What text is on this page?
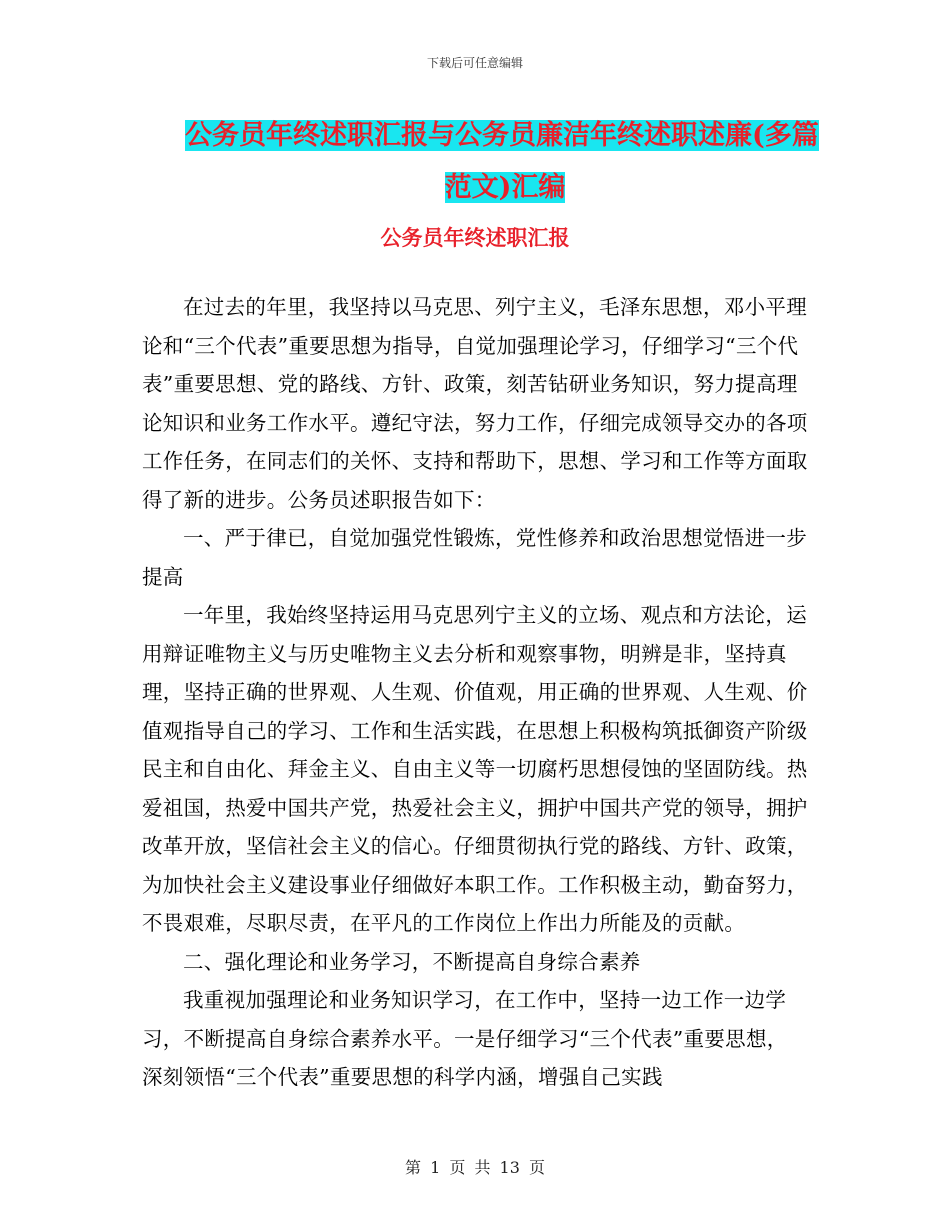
下载后可任意编辑
公务员年终述职汇报与公务员廉洁年终述职述廉(多篇
范文)汇编
公务员年终述职汇报

在过去的年里，我坚持以马克思、列宁主义，毛泽东思想，邓小平理论和“三个代表”重要思想为指导，自觉加强理论学习，仔细学习“三个代表”重要思想、党的路线、方针、政策，刻苦钻研业务知识，努力提高理论知识和业务工作水平。遵纪守法，努力工作，仔细完成领导交办的各项工作任务，在同志们的关怀、支持和帮助下，思想、学习和工作等方面取得了新的进步。公务员述职报告如下：

一、严于律已，自觉加强党性锻炼，党性修养和政治思想觉悟进一步提高

一年里，我始终坚持运用马克思列宁主义的立场、观点和方法论，运用辩证唯物主义与历史唯物主义去分析和观察事物，明辨是非，坚持真理，坚持正确的世界观、人生观、价值观，用正确的世界观、人生观、价值观指导自己的学习、工作和生活实践，在思想上积极构筑抵御资产阶级民主和自由化、拜金主义、自由主义等一切腐朽思想侵蚀的坚固防线。热爱祖国，热爱中国共产党，热爱社会主义，拥护中国共产党的领导，拥护改革开放，坚信社会主义的信心。仔细贯彻执行党的路线、方针、政策，为加快社会主义建设事业仔细做好本职工作。工作积极主动，勤奋努力，不畏艰难，尽职尽责，在平凡的工作岗位上作出力所能及的贡献。

二、强化理论和业务学习，不断提高自身综合素养

我重视加强理论和业务知识学习，在工作中，坚持一边工作一边学习，不断提高自身综合素养水平。一是仔细学习“三个代表”重要思想，深刻领悟“三个代表”重要思想的科学内涵，增强自己实践

第 1 页 共 13 页
